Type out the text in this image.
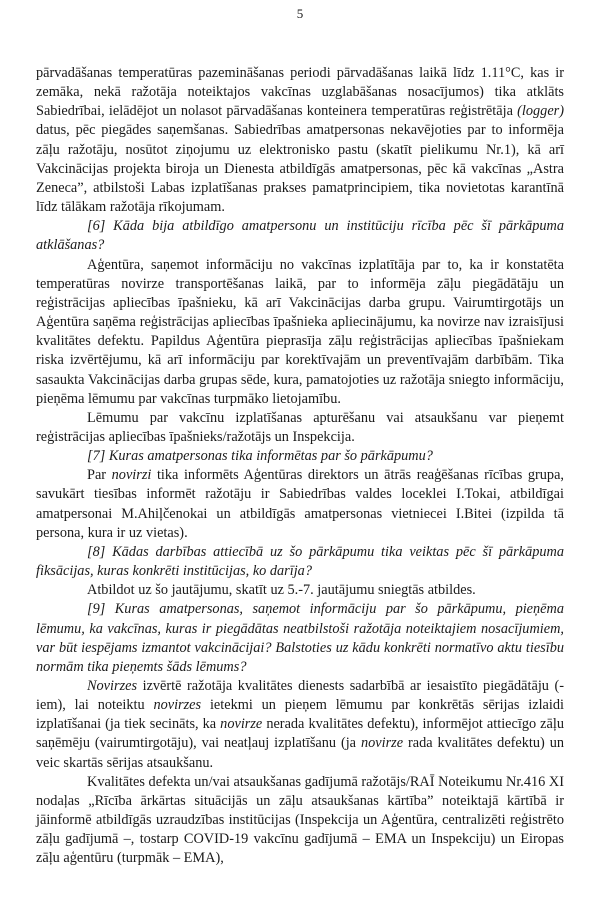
5

pārvadāšanas temperatūras pazemināšanas periodi pārvadāšanas laikā līdz 1.11°C, kas ir zemāka, nekā ražotāja noteiktajos vakcīnas uzglabāšanas nosacījumos) tika atklāts Sabiedrībai, ielādējot un nolasot pārvadāšanas konteinera temperatūras reģistrētāja (logger) datus, pēc piegādes saņemšanas. Sabiedrības amatpersonas nekavējoties par to informēja zāļu ražotāju, nosūtot ziņojumu uz elektronisko pastu (skatīt pielikumu Nr.1), kā arī Vakcinācijas projekta biroja un Dienesta atbildīgās amatpersonas, pēc kā vakcīnas „Astra Zeneca”, atbilstoši Labas izplatīšanas prakses pamatprincipiem, tika novietotas karantīnā līdz tālākam ražotāja rīkojumam.

[6] Kāda bija atbildīgo amatpersonu un institūciju rīcība pēc šī pārkāpuma atklāšanas?

Aģentūra, saņemot informāciju no vakcīnas izplatītāja par to, ka ir konstatēta temperatūras novirze transportēšanas laikā, par to informēja zāļu piegādātāju un reģistrācijas apliecības īpašnieku, kā arī Vakcinācijas darba grupu. Vairumtirgotājs un Aģentūra saņēma reģistrācijas apliecības īpašnieka apliecinājumu, ka novirze nav izraisījusi kvalitātes defektu. Papildus Aģentūra pieprasīja zāļu reģistrācijas apliecības īpašniekam riska izvērtējumu, kā arī informāciju par korektīvajām un preventīvajām darbībām. Tika sasaukta Vakcinācijas darba grupas sēde, kura, pamatojoties uz ražotāja sniegto informāciju, pieņēma lēmumu par vakcīnas turpmāko lietojamību.

Lēmumu par vakcīnu izplatīšanas apturēšanu vai atsaukšanu var pieņemt reģistrācijas apliecības īpašnieks/ražotājs un Inspekcija.

[7] Kuras amatpersonas tika informētas par šo pārkāpumu?

Par novirzi tika informēts Aģentūras direktors un ātrās reaģēšanas rīcības grupa, savukārt tiesības informēt ražotāju ir Sabiedrības valdes loceklei I.Tokai, atbildīgai amatpersonai M.Ahiļčenokai un atbildīgās amatpersonas vietniecei I.Bitei (izpilda tā persona, kura ir uz vietas).

[8] Kādas darbības attiecībā uz šo pārkāpumu tika veiktas pēc šī pārkāpuma fiksācijas, kuras konkrēti institūcijas, ko darīja?

Atbildot uz šo jautājumu, skatīt uz 5.-7. jautājumu sniegtās atbildes.

[9] Kuras amatpersonas, saņemot informāciju par šo pārkāpumu, pieņēma lēmumu, ka vakcīnas, kuras ir piegādātas neatbilstoši ražotāja noteiktajiem nosacījumiem, var būt iespējams izmantot vakcinācijai? Balstoties uz kādu konkrēti normatīvo aktu tiesību normām tika pieņemts šāds lēmums?

Novirzes izvērtē ražotāja kvalitātes dienests sadarbībā ar iesaistīto piegādātāju (-iem), lai noteiktu novirzes ietekmi un pieņem lēmumu par konkrētās sērijas izlaidi izplatīšanai (ja tiek secināts, ka novirze nerada kvalitātes defektu), informējot attiecīgo zāļu saņēmēju (vairumtirgotāju), vai neatļauj izplatīšanu (ja novirze rada kvalitātes defektu) un veic skartās sērijas atsaukšanu.

Kvalitātes defekta un/vai atsaukšanas gadījumā ražotājs/RAĪ Noteikumu Nr.416 XI nodaļas „Rīcība ārkārtas situācijās un zāļu atsaukšanas kārtība” noteiktajā kārtībā ir jāinformē atbildīgās uzraudzības institūcijas (Inspekcija un Aģentūra, centralizēti reģistrēto zāļu gadījumā –, tostarp COVID-19 vakcīnu gadījumā – EMA un Inspekciju) un Eiropas zāļu aģentūru (turpmāk – EMA),
